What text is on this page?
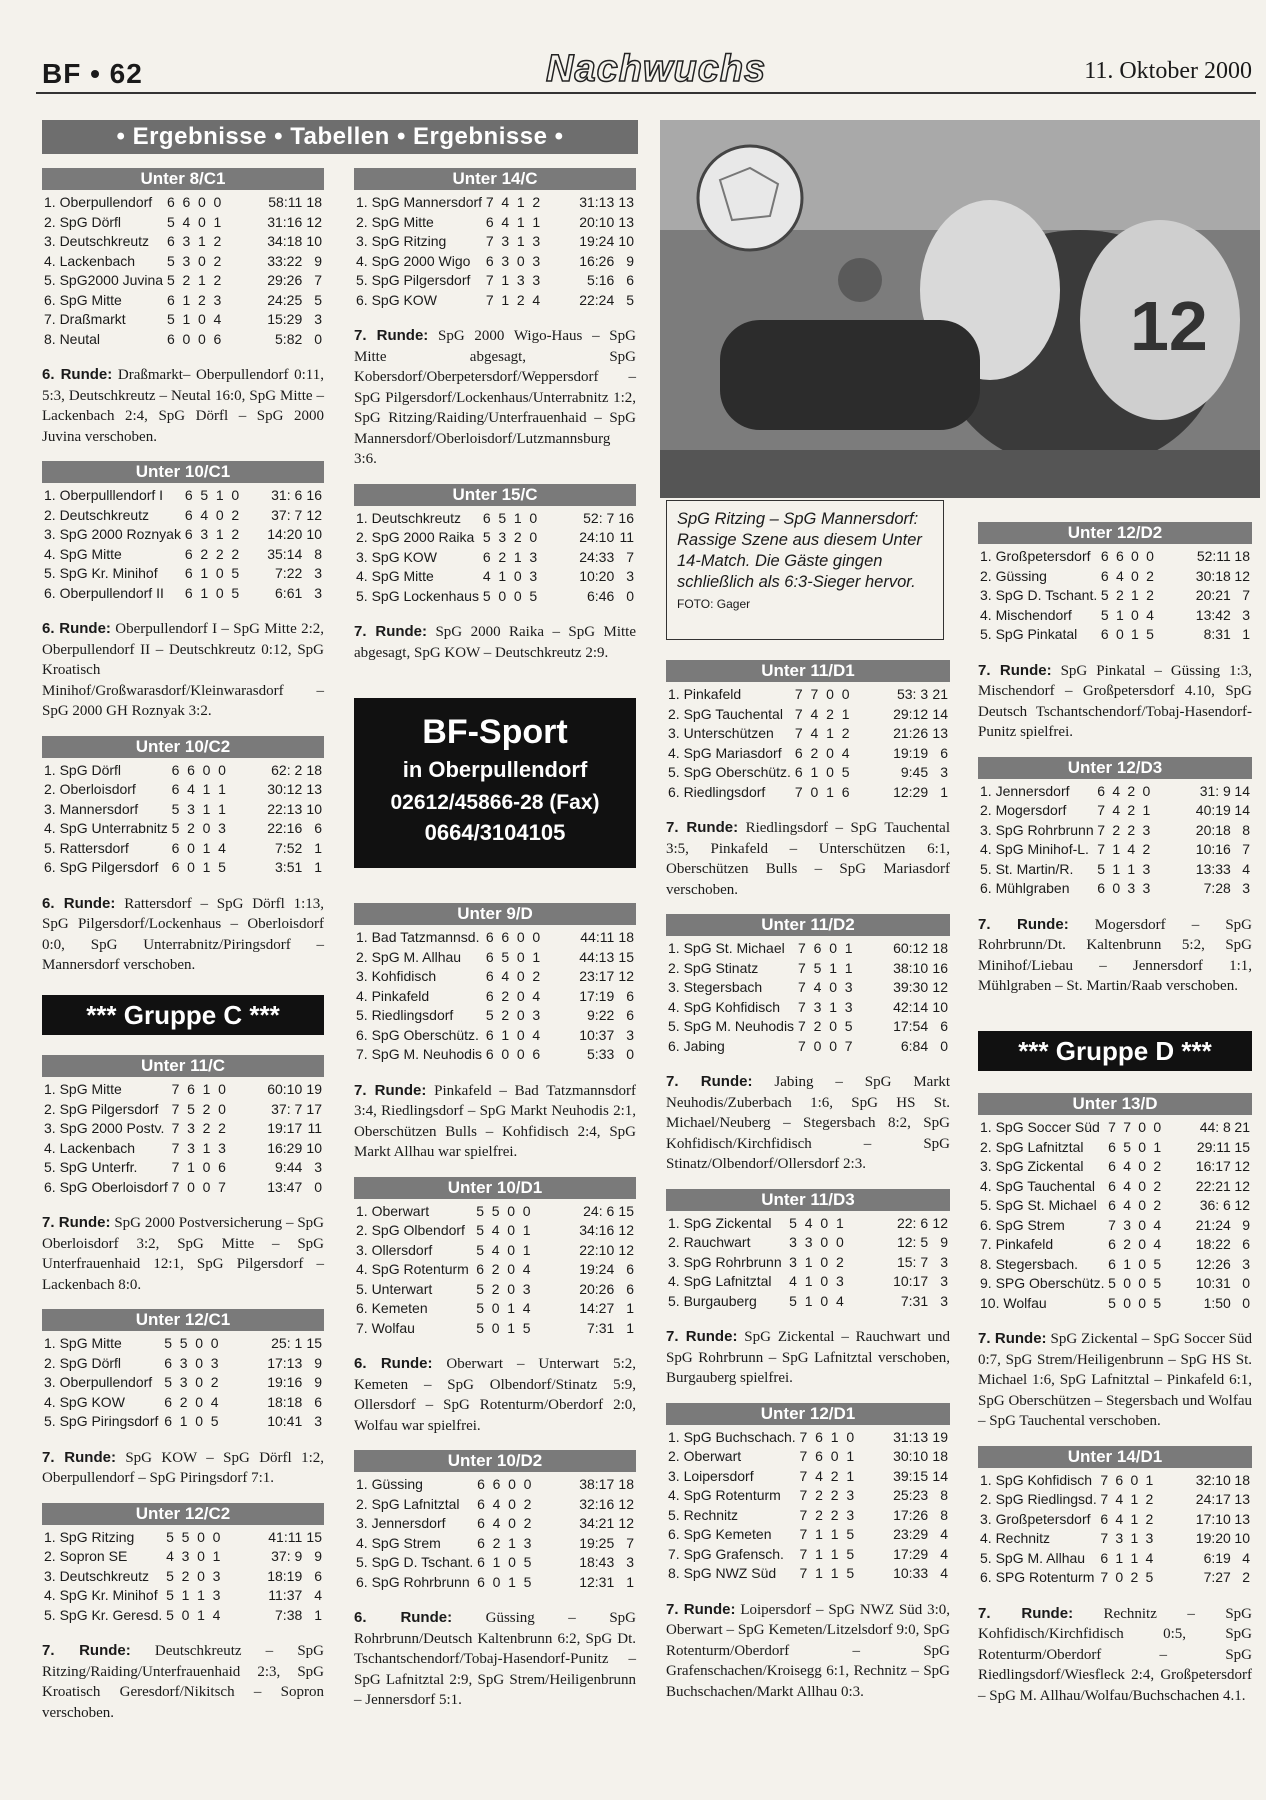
BF • 62	Nachwuchs	11. Oktober 2000
• Ergebnisse • Tabellen • Ergebnisse •
Unter 8/C1
1. Oberpullendorf	6	6	0	0	58:11	18
2. SpG Dörfl	5	4	0	1	31:16	12
3. Deutschkreutz	6	3	1	2	34:18	10
4. Lackenbach	5	3	0	2	33:22	9
5. SpG2000 Juvina	5	2	1	2	29:26	7
6. SpG Mitte	6	1	2	3	24:25	5
7. Draßmarkt	5	1	0	4	15:29	3
8. Neutal	6	0	0	6	5:82	0

6. Runde: Draßmarkt– Oberpullendorf 0:11, 5:3, Deutschkreutz – Neutal 16:0, SpG Mitte – Lackenbach 2:4, SpG Dörfl – SpG 2000 Juvina verschoben.

Unter 10/C1
1. Oberpulllendorf I	6	5	1	0	31: 6	16
2. Deutschkreutz	6	4	0	2	37: 7	12
3. SpG 2000 Roznyak	6	3	1	2	14:20	10
4. SpG Mitte	6	2	2	2	35:14	8
5. SpG Kr. Minihof	6	1	0	5	7:22	3
6. Oberpullendorf II	6	1	0	5	6:61	3

6. Runde: Oberpullendorf I – SpG Mitte 2:2, Oberpullendorf II – Deutschkreutz 0:12, SpG Kroatisch Minihof/Großwarasdorf/Kleinwarasdorf – SpG 2000 GH Roznyak 3:2.

Unter 10/C2
1. SpG Dörfl	6	6	0	0	62: 2	18
2. Oberloisdorf	6	4	1	1	30:12	13
3. Mannersdorf	5	3	1	1	22:13	10
4. SpG Unterrabnitz	5	2	0	3	22:16	6
5. Rattersdorf	6	0	1	4	7:52	1
6. SpG Pilgersdorf	6	0	1	5	3:51	1

6. Runde: Rattersdorf – SpG Dörfl 1:13, SpG Pilgersdorf/Lockenhaus – Oberloisdorf 0:0, SpG Unterrabnitz/Piringsdorf – Mannersdorf verschoben.

*** Gruppe C ***
Unter 11/C
1. SpG Mitte	7	6	1	0	60:10	19
2. SpG Pilgersdorf	7	5	2	0	37: 7	17
3. SpG 2000 Postv.	7	3	2	2	19:17	11
4. Lackenbach	7	3	1	3	16:29	10
5. SpG Unterfr.	7	1	0	6	9:44	3
6. SpG Oberloisdorf	7	0	0	7	13:47	0

7. Runde: SpG 2000 Postversicherung – SpG Oberloisdorf 3:2, SpG Mitte – SpG Unterfrauenhaid 12:1, SpG Pilgersdorf – Lackenbach 8:0.

Unter 12/C1
1. SpG Mitte	5	5	0	0	25: 1	15
2. SpG Dörfl	6	3	0	3	17:13	9
3. Oberpullendorf	5	3	0	2	19:16	9
4. SpG KOW	6	2	0	4	18:18	6
5. SpG Piringsdorf	6	1	0	5	10:41	3

7. Runde: SpG KOW – SpG Dörfl 1:2, Oberpullendorf – SpG Piringsdorf 7:1.

Unter 12/C2
1. SpG Ritzing	5	5	0	0	41:11	15
2. Sopron SE	4	3	0	1	37: 9	9
3. Deutschkreutz	5	2	0	3	18:19	6
4. SpG Kr. Minihof	5	1	1	3	11:37	4
5. SpG Kr. Geresd.	5	0	1	4	7:38	1

7. Runde: Deutschkreutz – SpG Ritzing/Raiding/Unterfrauenhaid 2:3, SpG Kroatisch Geresdorf/Nikitsch – Sopron verschoben.

Unter 14/C
1. SpG Mannersdorf	7	4	1	2	31:13	13
2. SpG Mitte	6	4	1	1	20:10	13
3. SpG Ritzing	7	3	1	3	19:24	10
4. SpG 2000 Wigo	6	3	0	3	16:26	9
5. SpG Pilgersdorf	7	1	3	3	5:16	6
6. SpG KOW	7	1	2	4	22:24	5

7. Runde: SpG 2000 Wigo-Haus – SpG Mitte abgesagt, SpG Kobersdorf/Oberpetersdorf/Weppersdorf – SpG Pilgersdorf/Lockenhaus/Unterrabnitz 1:2, SpG Ritzing/Raiding/Unterfrauenhaid – SpG Mannersdorf/Oberloisdorf/Lutzmannsburg 3:6.

Unter 15/C
1. Deutschkreutz	6	5	1	0	52: 7	16
2. SpG 2000 Raika	5	3	2	0	24:10	11
3. SpG KOW	6	2	1	3	24:33	7
4. SpG Mitte	4	1	0	3	10:20	3
5. SpG Lockenhaus	5	0	0	5	6:46	0

7. Runde: SpG 2000 Raika – SpG Mitte abgesagt, SpG KOW – Deutschkreutz 2:9.

BF-Sport
in Oberpullendorf
02612/45866-28 (Fax)
0664/3104105
Unter 9/D
1. Bad Tatzmannsd.	6	6	0	0	44:11	18
2. SpG M. Allhau	6	5	0	1	44:13	15
3. Kohfidisch	6	4	0	2	23:17	12
4. Pinkafeld	6	2	0	4	17:19	6
5. Riedlingsdorf	5	2	0	3	9:22	6
6. SpG Oberschütz.	6	1	0	4	10:37	3
7. SpG M. Neuhodis	6	0	0	6	5:33	0

7. Runde: Pinkafeld – Bad Tatzmannsdorf 3:4, Riedlingsdorf – SpG Markt Neuhodis 2:1, Oberschützen Bulls – Kohfidisch 2:4, SpG Markt Allhau war spielfrei.

Unter 10/D1
1. Oberwart	5	5	0	0	24: 6	15
2. SpG Olbendorf	5	4	0	1	34:16	12
3. Ollersdorf	5	4	0	1	22:10	12
4. SpG Rotenturm	6	2	0	4	19:24	6
5. Unterwart	5	2	0	3	20:26	6
6. Kemeten	5	0	1	4	14:27	1
7. Wolfau	5	0	1	5	7:31	1

6. Runde: Oberwart – Unterwart 5:2, Kemeten – SpG Olbendorf/Stinatz 5:9, Ollersdorf – SpG Rotenturm/Oberdorf 2:0, Wolfau war spielfrei.

Unter 10/D2
1. Güssing	6	6	0	0	38:17	18
2. SpG Lafnitztal	6	4	0	2	32:16	12
3. Jennersdorf	6	4	0	2	34:21	12
4. SpG Strem	6	2	1	3	19:25	7
5. SpG D. Tschant.	6	1	0	5	18:43	3
6. SpG Rohrbrunn	6	0	1	5	12:31	1

6. Runde: Güssing – SpG Rohrbrunn/Deutsch Kaltenbrunn 6:2, SpG Dt. Tschantschendorf/Tobaj-Hasendorf-Punitz – SpG Lafnitztal 2:9, SpG Strem/Heiligenbrunn – Jennersdorf 5:1.

12
SpG Ritzing – SpG Mannersdorf: Rassige Szene aus diesem Unter 14-Match. Die Gäste gingen schließlich als 6:3-Sieger hervor. FOTO: Gager
Unter 11/D1
1. Pinkafeld	7	7	0	0	53: 3	21
2. SpG Tauchental	7	4	2	1	29:12	14
3. Unterschützen	7	4	1	2	21:26	13
4. SpG Mariasdorf	6	2	0	4	19:19	6
5. SpG Oberschütz.	6	1	0	5	9:45	3
6. Riedlingsdorf	7	0	1	6	12:29	1

7. Runde: Riedlingsdorf – SpG Tauchental 3:5, Pinkafeld – Unterschützen 6:1, Oberschützen Bulls – SpG Mariasdorf verschoben.

Unter 11/D2
1. SpG St. Michael	7	6	0	1	60:12	18
2. SpG Stinatz	7	5	1	1	38:10	16
3. Stegersbach	7	4	0	3	39:30	12
4. SpG Kohfidisch	7	3	1	3	42:14	10
5. SpG M. Neuhodis	7	2	0	5	17:54	6
6. Jabing	7	0	0	7	6:84	0

7. Runde: Jabing – SpG Markt Neuhodis/Zuberbach 1:6, SpG HS St. Michael/Neuberg – Stegersbach 8:2, SpG Kohfidisch/Kirchfidisch – SpG Stinatz/Olbendorf/Ollersdorf 2:3.

Unter 11/D3
1. SpG Zickental	5	4	0	1	22: 6	12
2. Rauchwart	3	3	0	0	12: 5	9
3. SpG Rohrbrunn	3	1	0	2	15: 7	3
4. SpG Lafnitztal	4	1	0	3	10:17	3
5. Burgauberg	5	1	0	4	7:31	3

7. Runde: SpG Zickental – Rauchwart und SpG Rohrbrunn – SpG Lafnitztal verschoben, Burgauberg spielfrei.

Unter 12/D1
1. SpG Buchschach.	7	6	1	0	31:13	19
2. Oberwart	7	6	0	1	30:10	18
3. Loipersdorf	7	4	2	1	39:15	14
4. SpG Rotenturm	7	2	2	3	25:23	8
5. Rechnitz	7	2	2	3	17:26	8
6. SpG Kemeten	7	1	1	5	23:29	4
7. SpG Grafensch.	7	1	1	5	17:29	4
8. SpG NWZ Süd	7	1	1	5	10:33	4

7. Runde: Loipersdorf – SpG NWZ Süd 3:0, Oberwart – SpG Kemeten/Litzelsdorf 9:0, SpG Rotenturm/Oberdorf – SpG Grafenschachen/Kroisegg 6:1, Rechnitz – SpG Buchschachen/Markt Allhau 0:3.

Unter 12/D2
1. Großpetersdorf	6	6	0	0	52:11	18
2. Güssing	6	4	0	2	30:18	12
3. SpG D. Tschant.	5	2	1	2	20:21	7
4. Mischendorf	5	1	0	4	13:42	3
5. SpG Pinkatal	6	0	1	5	8:31	1

7. Runde: SpG Pinkatal – Güssing 1:3, Mischendorf – Großpetersdorf 4.10, SpG Deutsch Tschantschendorf/Tobaj-Hasendorf-Punitz spielfrei.

Unter 12/D3
1. Jennersdorf	6	4	2	0	31: 9	14
2. Mogersdorf	7	4	2	1	40:19	14
3. SpG Rohrbrunn	7	2	2	3	20:18	8
4. SpG Minihof-L.	7	1	4	2	10:16	7
5. St. Martin/R.	5	1	1	3	13:33	4
6. Mühlgraben	6	0	3	3	7:28	3

7. Runde: Mogersdorf – SpG Rohrbrunn/Dt. Kaltenbrunn 5:2, SpG Minihof/Liebau – Jennersdorf 1:1, Mühlgraben – St. Martin/Raab verschoben.

*** Gruppe D ***
Unter 13/D
1. SpG Soccer Süd	7	7	0	0	44: 8	21
2. SpG Lafnitztal	6	5	0	1	29:11	15
3. SpG Zickental	6	4	0	2	16:17	12
4. SpG Tauchental	6	4	0	2	22:21	12
5. SpG St. Michael	6	4	0	2	36: 6	12
6. SpG Strem	7	3	0	4	21:24	9
7. Pinkafeld	6	2	0	4	18:22	6
8. Stegersbach.	6	1	0	5	12:26	3
9. SPG Oberschütz.	5	0	0	5	10:31	0
10. Wolfau	5	0	0	5	1:50	0

7. Runde: SpG Zickental – SpG Soccer Süd 0:7, SpG Strem/Heiligenbrunn – SpG HS St. Michael 1:6, SpG Lafnitztal – Pinkafeld 6:1, SpG Oberschützen – Stegersbach und Wolfau – SpG Tauchental verschoben.

Unter 14/D1
1. SpG Kohfidisch	7	6	0	1	32:10	18
2. SpG Riedlingsd.	7	4	1	2	24:17	13
3. Großpetersdorf	6	4	1	2	17:10	13
4. Rechnitz	7	3	1	3	19:20	10
5. SpG M. Allhau	6	1	1	4	6:19	4
6. SPG Rotenturm	7	0	2	5	7:27	2

7. Runde: Rechnitz – SpG Kohfidisch/Kirchfidisch 0:5, SpG Rotenturm/Oberdorf – SpG Riedlingsdorf/Wiesfleck 2:4, Großpetersdorf – SpG M. Allhau/Wolfau/Buchschachen 4.1.
